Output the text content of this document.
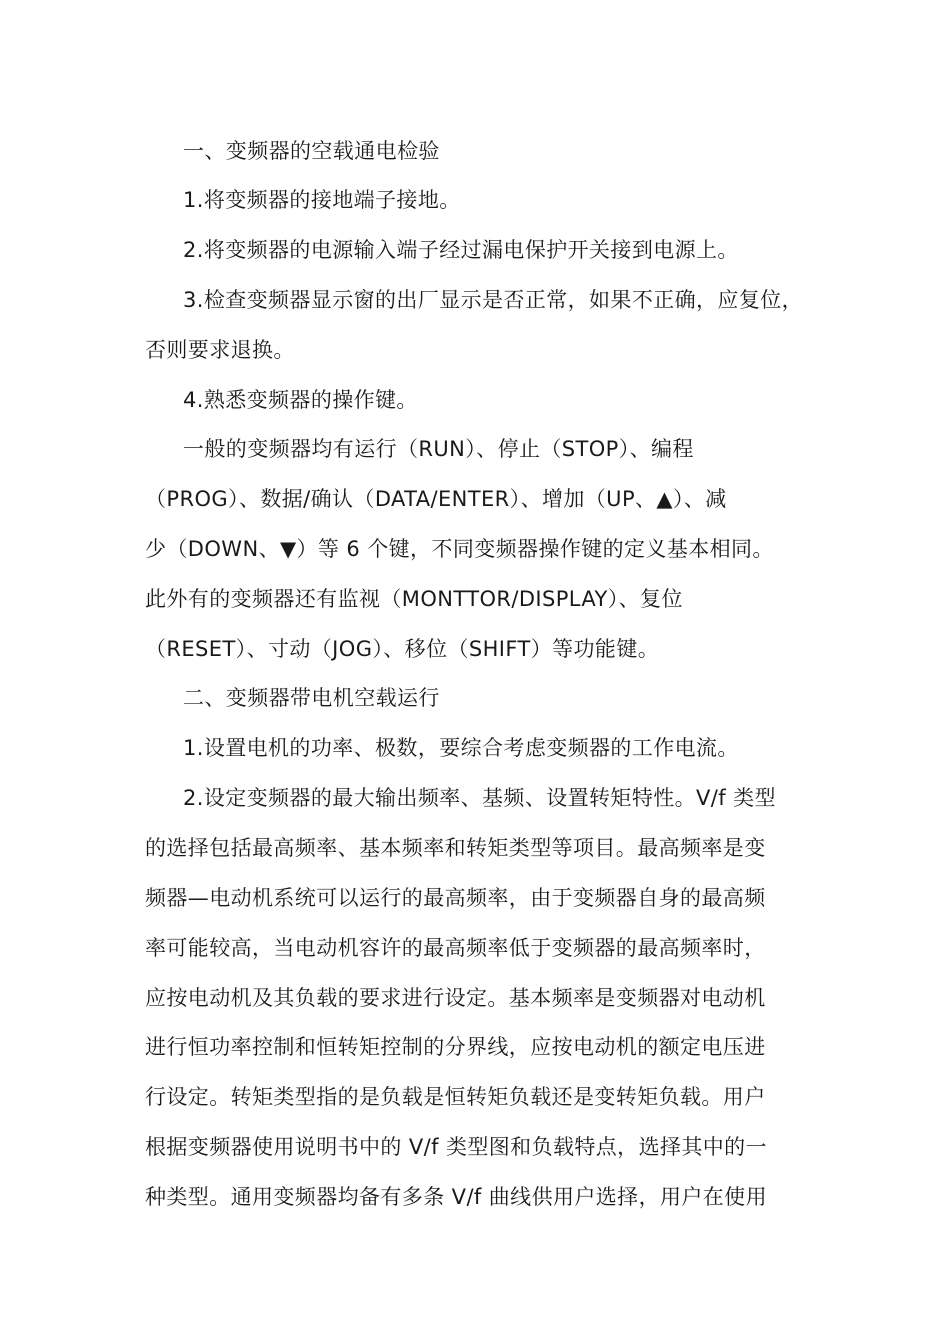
一、变频器的空载通电检验
1.将变频器的接地端子接地。
2.将变频器的电源输入端子经过漏电保护开关接到电源上。
3.检查变频器显示窗的出厂显示是否正常，如果不正确，应复位，
否则要求退换。
4.熟悉变频器的操作键。
一般的变频器均有运行（RUN）、停止（STOP）、编程
（PROG）、数据/确认（DATA/ENTER）、增加（UP、▲）、减
少（DOWN、▼）等 6 个键，不同变频器操作键的定义基本相同。
此外有的变频器还有监视（MONTTOR/DISPLAY）、复位
（RESET）、寸动（JOG）、移位（SHIFT）等功能键。
二、变频器带电机空载运行
1.设置电机的功率、极数，要综合考虑变频器的工作电流。
2.设定变频器的最大输出频率、基频、设置转矩特性。V/f 类型
的选择包括最高频率、基本频率和转矩类型等项目。最高频率是变
频器—电动机系统可以运行的最高频率，由于变频器自身的最高频
率可能较高，当电动机容许的最高频率低于变频器的最高频率时，
应按电动机及其负载的要求进行设定。基本频率是变频器对电动机
进行恒功率控制和恒转矩控制的分界线，应按电动机的额定电压进
行设定。转矩类型指的是负载是恒转矩负载还是变转矩负载。用户
根据变频器使用说明书中的 V/f 类型图和负载特点，选择其中的一
种类型。通用变频器均备有多条 V/f 曲线供用户选择，用户在使用
